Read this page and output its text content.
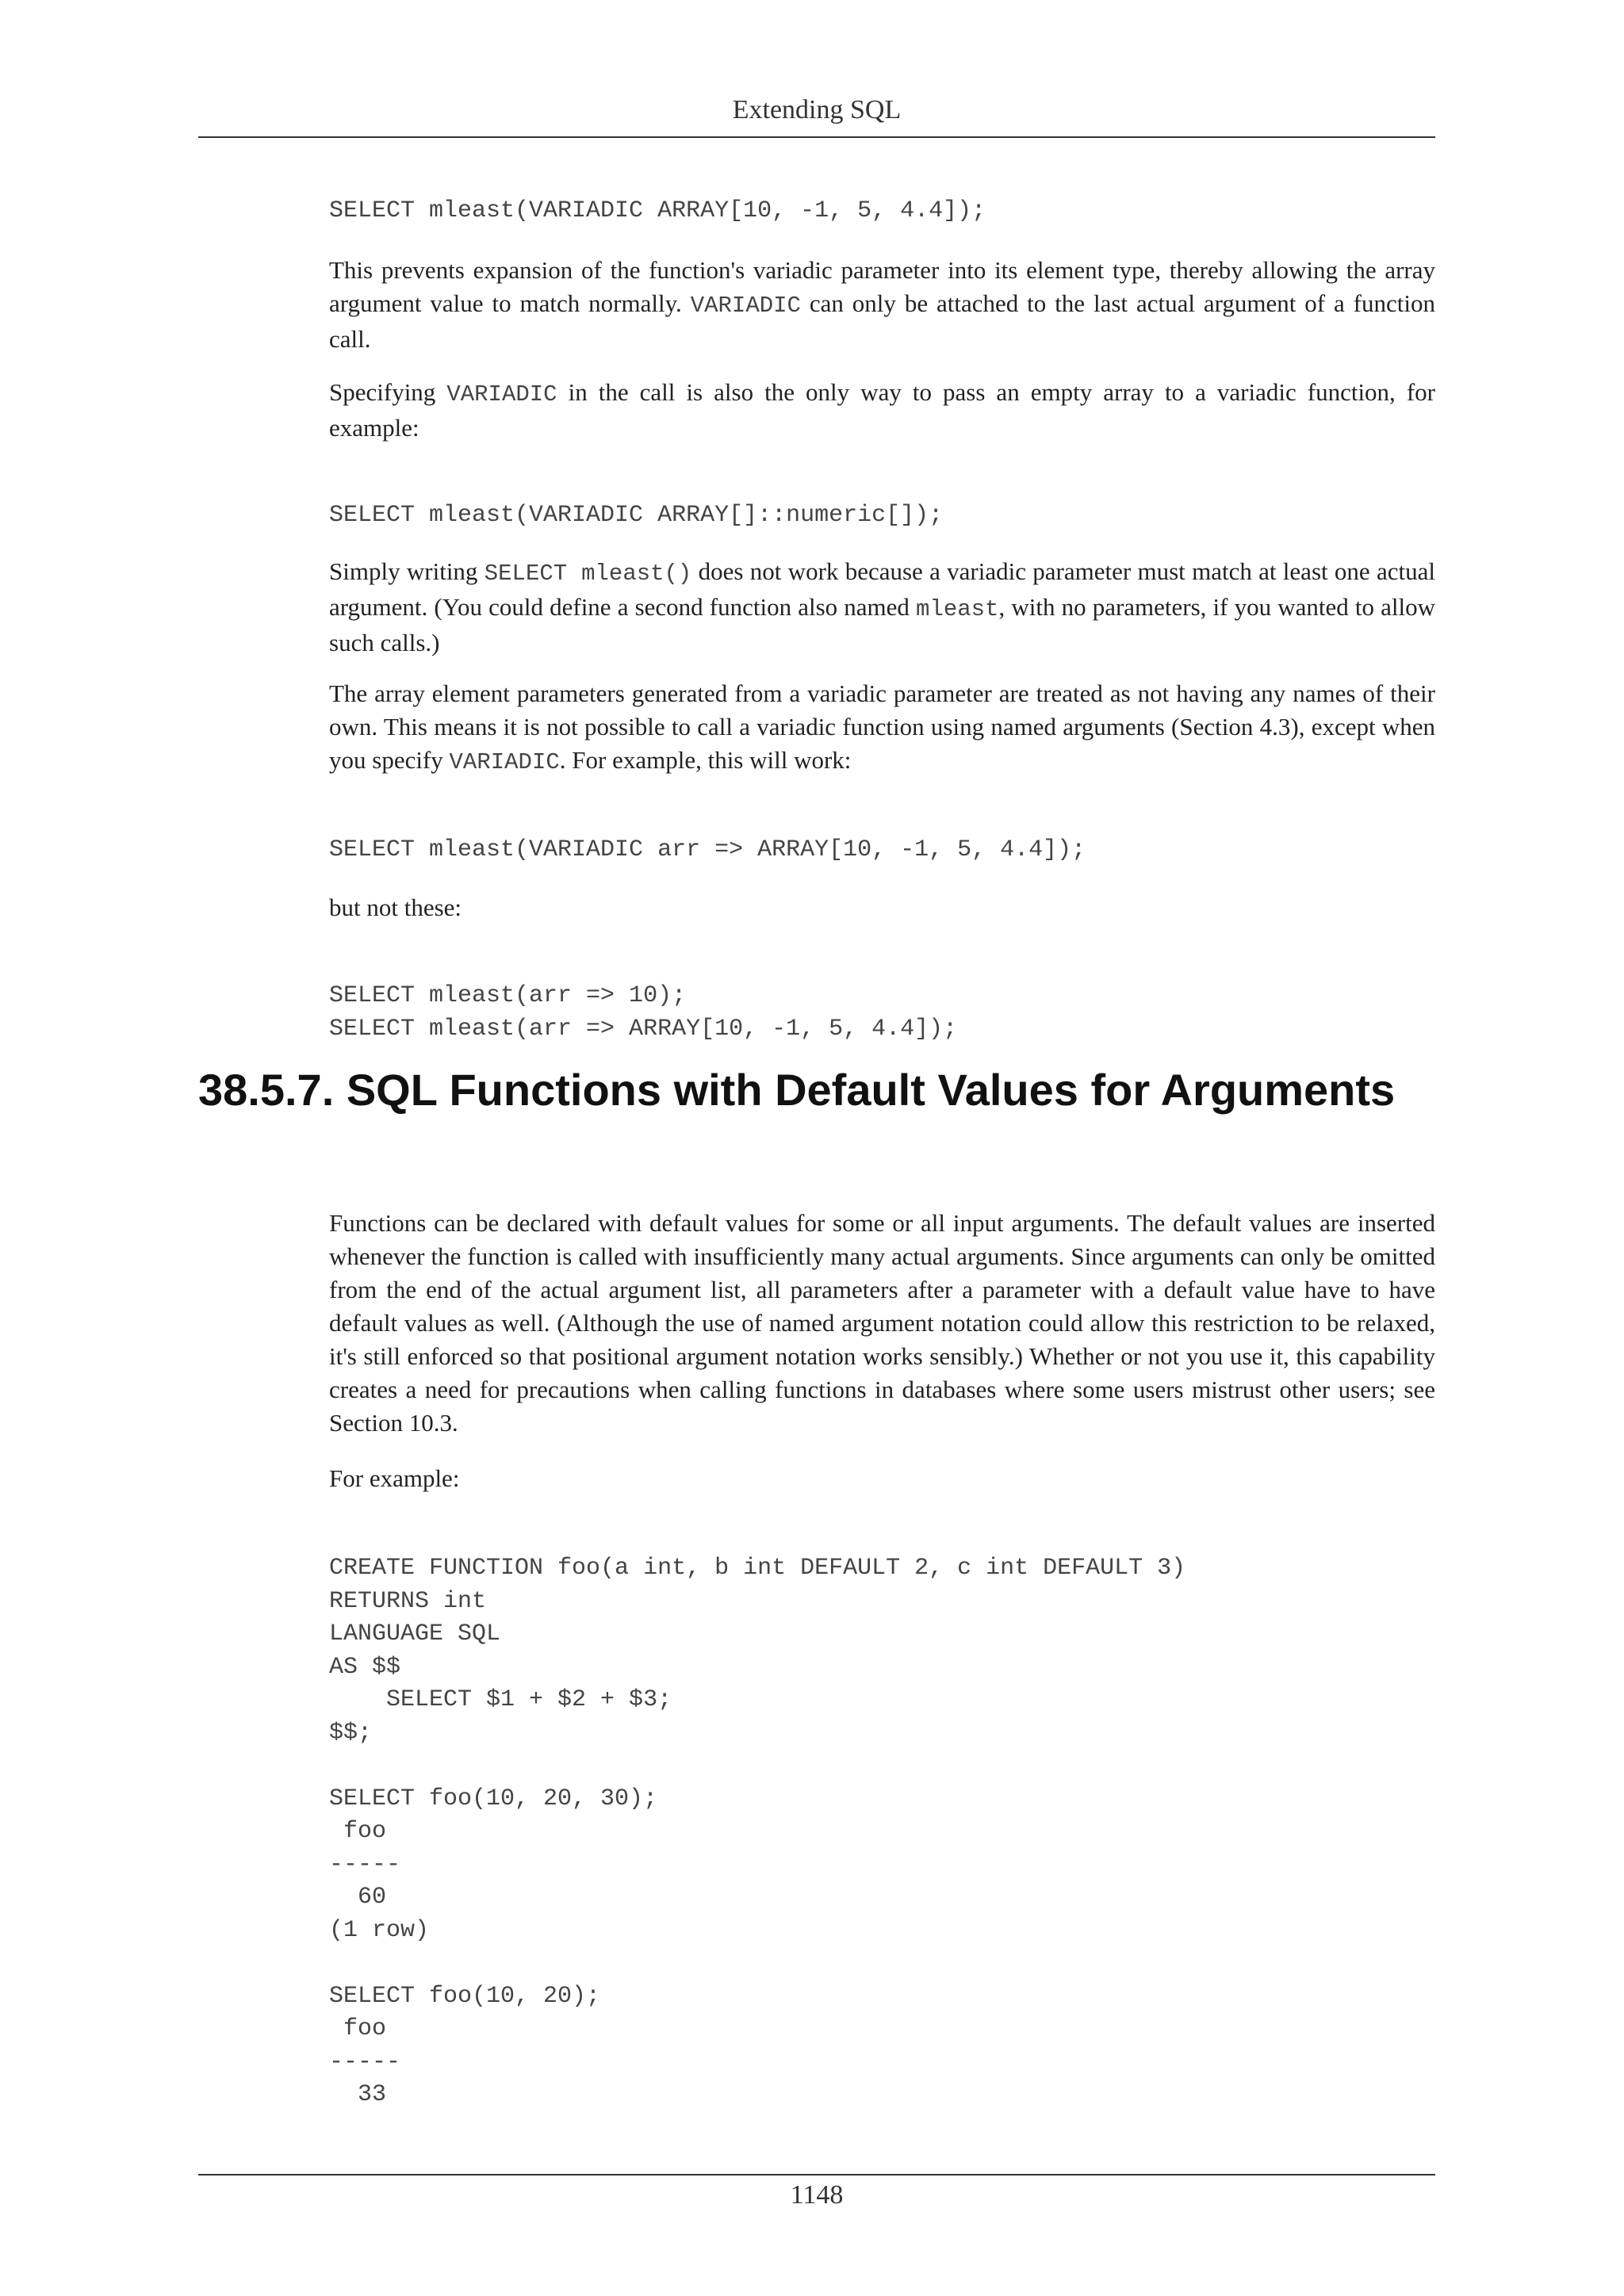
Extending SQL
SELECT mleast(VARIADIC ARRAY[10, -1, 5, 4.4]);

This prevents expansion of the function's variadic parameter into its element type, thereby allowing the array argument value to match normally. VARIADIC can only be attached to the last actual argument of a function call.

Specifying VARIADIC in the call is also the only way to pass an empty array to a variadic function, for example:

SELECT mleast(VARIADIC ARRAY[]::numeric[]);

Simply writing SELECT mleast() does not work because a variadic parameter must match at least one actual argument. (You could define a second function also named mleast, with no parameters, if you wanted to allow such calls.)

The array element parameters generated from a variadic parameter are treated as not having any names of their own. This means it is not possible to call a variadic function using named arguments (Section 4.3), except when you specify VARIADIC. For example, this will work:

SELECT mleast(VARIADIC arr => ARRAY[10, -1, 5, 4.4]);

but not these:

SELECT mleast(arr => 10);
SELECT mleast(arr => ARRAY[10, -1, 5, 4.4]);
38.5.7. SQL Functions with Default Values for Arguments

Functions can be declared with default values for some or all input arguments. The default values are inserted whenever the function is called with insufficiently many actual arguments. Since arguments can only be omitted from the end of the actual argument list, all parameters after a parameter with a default value have to have default values as well. (Although the use of named argument notation could allow this restriction to be relaxed, it's still enforced so that positional argument notation works sensibly.) Whether or not you use it, this capability creates a need for precautions when calling functions in databases where some users mistrust other users; see Section 10.3.

For example:

CREATE FUNCTION foo(a int, b int DEFAULT 2, c int DEFAULT 3)
RETURNS int
LANGUAGE SQL
AS $$
SELECT $1 + $2 + $3;
$$;

SELECT foo(10, 20, 30);
foo
-----
60
(1 row)

SELECT foo(10, 20);
foo
-----
33
1148
